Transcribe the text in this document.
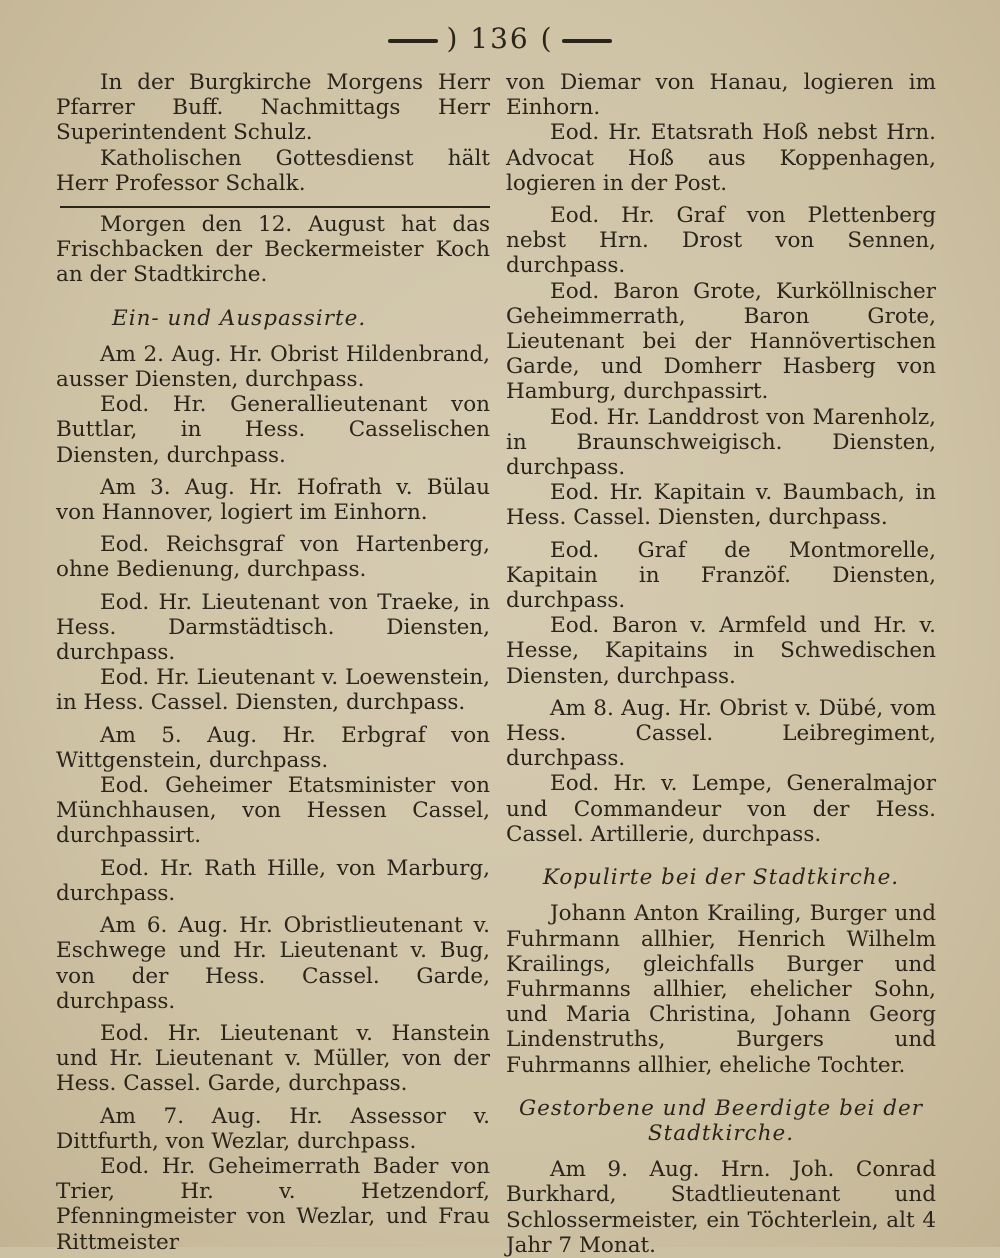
) 136 (

In der Burgkirche Morgens Herr Pfarrer Buff. Nachmittags Herr Superintendent Schulz.

Katholischen Gottesdienst hält Herr Professor Schalk.

Morgen den 12. August hat das Frischbacken der Beckermeister Koch an der Stadtkirche.

Ein- und Auspassirte.

Am 2. Aug. Hr. Obrist Hildenbrand, ausser Diensten, durchpass.

Eod. Hr. Generallieutenant von Buttlar, in Hess. Casselischen Diensten, durchpass.

Am 3. Aug. Hr. Hofrath v. Bülau von Hannover, logiert im Einhorn.

Eod. Reichsgraf von Hartenberg, ohne Bedienung, durchpass.

Eod. Hr. Lieutenant von Traeke, in Hess. Darmstädtisch. Diensten, durchpass.

Eod. Hr. Lieutenant v. Loewenstein, in Hess. Cassel. Diensten, durchpass.

Am 5. Aug. Hr. Erbgraf von Wittgenstein, durchpass.

Eod. Geheimer Etatsminister von Münchhausen, von Hessen Cassel, durchpassirt.

Eod. Hr. Rath Hille, von Marburg, durchpass.

Am 6. Aug. Hr. Obristlieutenant v. Eschwege und Hr. Lieutenant v. Bug, von der Hess. Cassel. Garde, durchpass.

Eod. Hr. Lieutenant v. Hanstein und Hr. Lieutenant v. Müller, von der Hess. Cassel. Garde, durchpass.

Am 7. Aug. Hr. Assessor v. Dittfurth, von Wezlar, durchpass.

Eod. Hr. Geheimerrath Bader von Trier, Hr. v. Hetzendorf, Pfenningmeister von Wezlar, und Frau Rittmeister

von Diemar von Hanau, logieren im Einhorn.

Eod. Hr. Etatsrath Hoß nebst Hrn. Advocat Hoß aus Koppenhagen, logieren in der Post.

Eod. Hr. Graf von Plettenberg nebst Hrn. Drost von Sennen, durchpass.

Eod. Baron Grote, Kurköllnischer Geheimmerrath, Baron Grote, Lieutenant bei der Hannövertischen Garde, und Domherr Hasberg von Hamburg, durchpassirt.

Eod. Hr. Landdrost von Marenholz, in Braunschweigisch. Diensten, durchpass.

Eod. Hr. Kapitain v. Baumbach, in Hess. Cassel. Diensten, durchpass.

Eod. Graf de Montmorelle, Kapitain in Franzöf. Diensten, durchpass.

Eod. Baron v. Armfeld und Hr. v. Hesse, Kapitains in Schwedischen Diensten, durchpass.

Am 8. Aug. Hr. Obrist v. Dübé, vom Hess. Cassel. Leibregiment, durchpass.

Eod. Hr. v. Lempe, Generalmajor und Commandeur von der Hess. Cassel. Artillerie, durchpass.

Kopulirte bei der Stadtkirche.

Johann Anton Krailing, Burger und Fuhrmann allhier, Henrich Wilhelm Krailings, gleichfalls Burger und Fuhrmanns allhier, ehelicher Sohn, und Maria Christina, Johann Georg Lindenstruths, Burgers und Fuhrmanns allhier, eheliche Tochter.

Gestorbene und Beerdigte bei der Stadtkirche.

Am 9. Aug. Hrn. Joh. Conrad Burkhard, Stadtlieutenant und Schlossermeister, ein Töchterlein, alt 4 Jahr 7 Monat.
